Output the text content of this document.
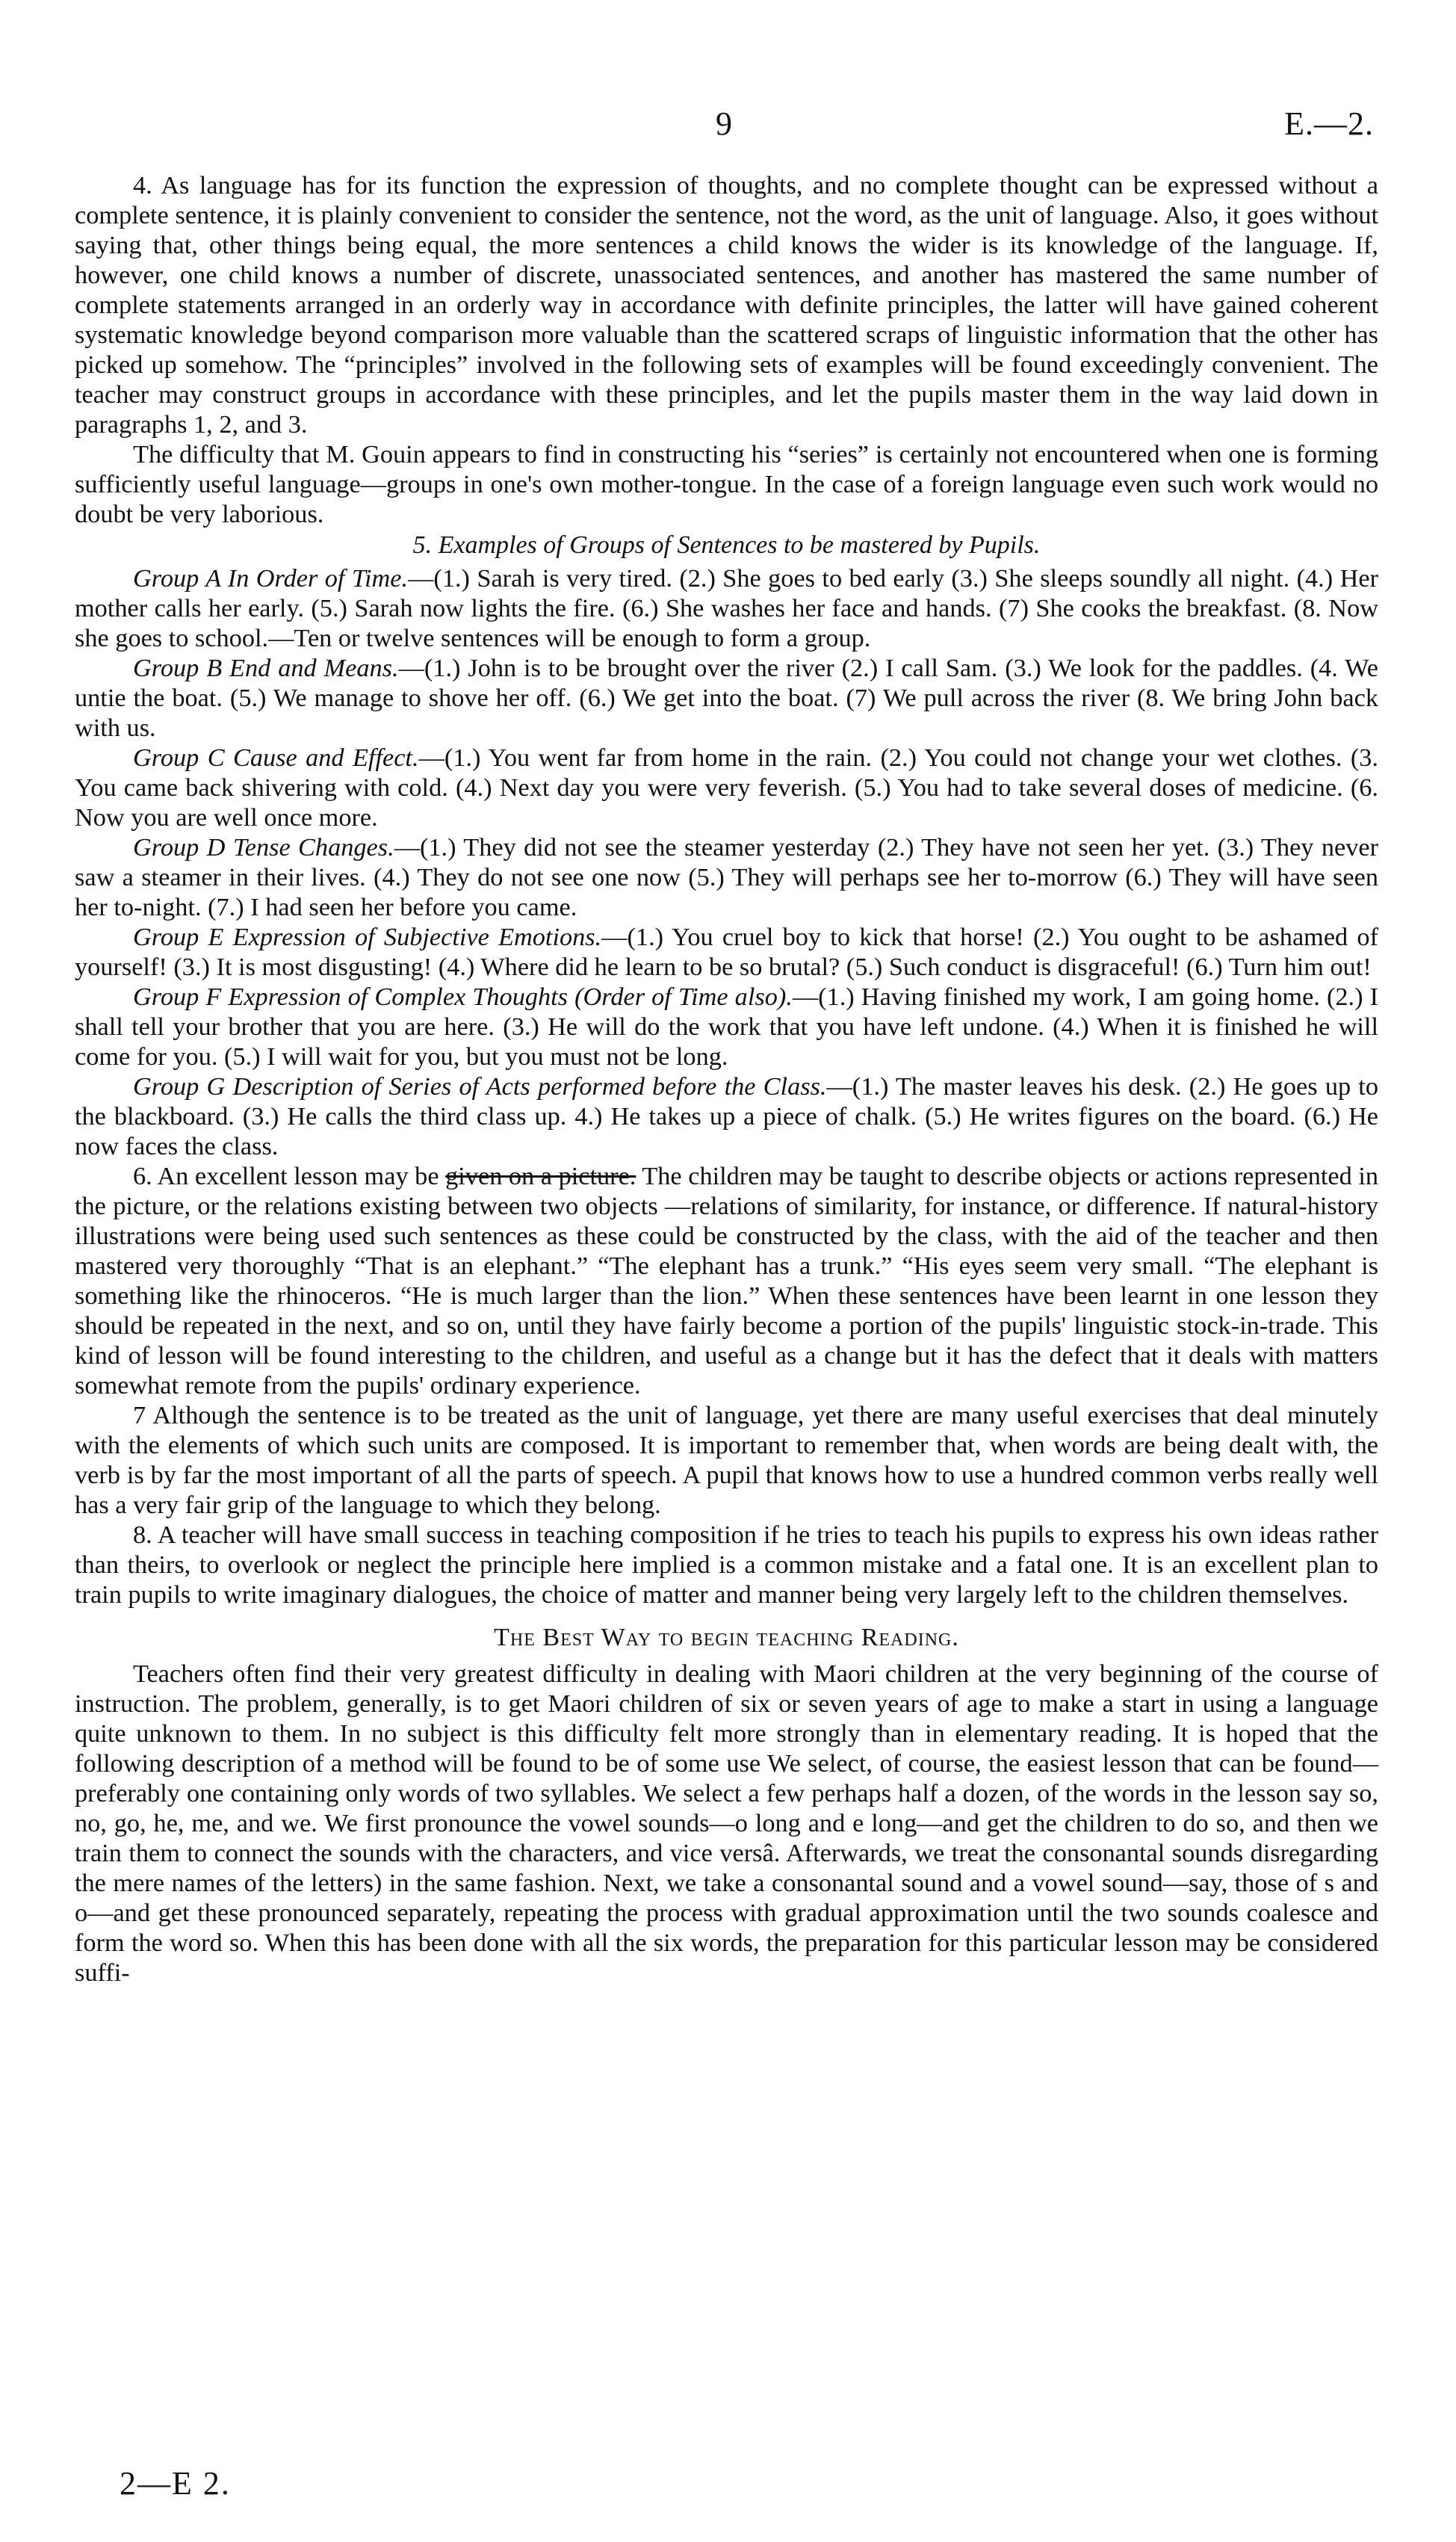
9	E.—2.

4. As language has for its function the expression of thoughts, and no complete thought can be expressed without a complete sentence, it is plainly convenient to consider the sentence, not the word, as the unit of language. Also, it goes without saying that, other things being equal, the more sentences a child knows the wider is its knowledge of the language. If, however, one child knows a number of discrete, unassociated sentences, and another has mastered the same number of complete statements arranged in an orderly way in accordance with definite principles, the latter will have gained coherent systematic knowledge beyond comparison more valuable than the scattered scraps of linguistic information that the other has picked up somehow. The “principles” involved in the following sets of examples will be found exceedingly convenient. The teacher may construct groups in accordance with these principles, and let the pupils master them in the way laid down in paragraphs 1, 2, and 3.

The difficulty that M. Gouin appears to find in constructing his “series” is certainly not encountered when one is forming sufficiently useful language—groups in one's own mother-tongue. In the case of a foreign language even such work would no doubt be very laborious.

5. Examples of Groups of Sentences to be mastered by Pupils.

Group A In Order of Time.—(1.) Sarah is very tired. (2.) She goes to bed early (3.) She sleeps soundly all night. (4.) Her mother calls her early. (5.) Sarah now lights the fire. (6.) She washes her face and hands. (7) She cooks the breakfast. (8. Now she goes to school.—Ten or twelve sentences will be enough to form a group.

Group B End and Means.—(1.) John is to be brought over the river (2.) I call Sam. (3.) We look for the paddles. (4. We untie the boat. (5.) We manage to shove her off. (6.) We get into the boat. (7) We pull across the river (8. We bring John back with us.

Group C Cause and Effect.—(1.) You went far from home in the rain. (2.) You could not change your wet clothes. (3. You came back shivering with cold. (4.) Next day you were very feverish. (5.) You had to take several doses of medicine. (6. Now you are well once more.

Group D Tense Changes.—(1.) They did not see the steamer yesterday (2.) They have not seen her yet. (3.) They never saw a steamer in their lives. (4.) They do not see one now (5.) They will perhaps see her to-morrow (6.) They will have seen her to-night. (7.) I had seen her before you came.

Group E Expression of Subjective Emotions.—(1.) You cruel boy to kick that horse! (2.) You ought to be ashamed of yourself! (3.) It is most disgusting! (4.) Where did he learn to be so brutal? (5.) Such conduct is disgraceful! (6.) Turn him out!

Group F Expression of Complex Thoughts (Order of Time also).—(1.) Having finished my work, I am going home. (2.) I shall tell your brother that you are here. (3.) He will do the work that you have left undone. (4.) When it is finished he will come for you. (5.) I will wait for you, but you must not be long.

Group G Description of Series of Acts performed before the Class.—(1.) The master leaves his desk. (2.) He goes up to the blackboard. (3.) He calls the third class up. 4.) He takes up a piece of chalk. (5.) He writes figures on the board. (6.) He now faces the class.

6. An excellent lesson may be given on a picture. The children may be taught to describe objects or actions represented in the picture, or the relations existing between two objects —relations of similarity, for instance, or difference. If natural-history illustrations were being used such sentences as these could be constructed by the class, with the aid of the teacher and then mastered very thoroughly “That is an elephant.” “The elephant has a trunk.” “His eyes seem very small. “The elephant is something like the rhinoceros. “He is much larger than the lion.” When these sentences have been learnt in one lesson they should be repeated in the next, and so on, until they have fairly become a portion of the pupils' linguistic stock-in-trade. This kind of lesson will be found interesting to the children, and useful as a change but it has the defect that it deals with matters somewhat remote from the pupils' ordinary experience.

7 Although the sentence is to be treated as the unit of language, yet there are many useful exercises that deal minutely with the elements of which such units are composed. It is important to remember that, when words are being dealt with, the verb is by far the most important of all the parts of speech. A pupil that knows how to use a hundred common verbs really well has a very fair grip of the language to which they belong.

8. A teacher will have small success in teaching composition if he tries to teach his pupils to express his own ideas rather than theirs, to overlook or neglect the principle here implied is a common mistake and a fatal one. It is an excellent plan to train pupils to write imaginary dialogues, the choice of matter and manner being very largely left to the children themselves.

The Best Way to begin teaching Reading.

Teachers often find their very greatest difficulty in dealing with Maori children at the very beginning of the course of instruction. The problem, generally, is to get Maori children of six or seven years of age to make a start in using a language quite unknown to them. In no subject is this difficulty felt more strongly than in elementary reading. It is hoped that the following description of a method will be found to be of some use We select, of course, the easiest lesson that can be found—preferably one containing only words of two syllables. We select a few perhaps half a dozen, of the words in the lesson say so, no, go, he, me, and we. We first pronounce the vowel sounds—o long and e long—and get the children to do so, and then we train them to connect the sounds with the characters, and vice versâ. Afterwards, we treat the consonantal sounds disregarding the mere names of the letters) in the same fashion. Next, we take a consonantal sound and a vowel sound—say, those of s and o—and get these pronounced separately, repeating the process with gradual approximation until the two sounds coalesce and form the word so. When this has been done with all the six words, the preparation for this particular lesson may be considered suffi-

2—E 2.
